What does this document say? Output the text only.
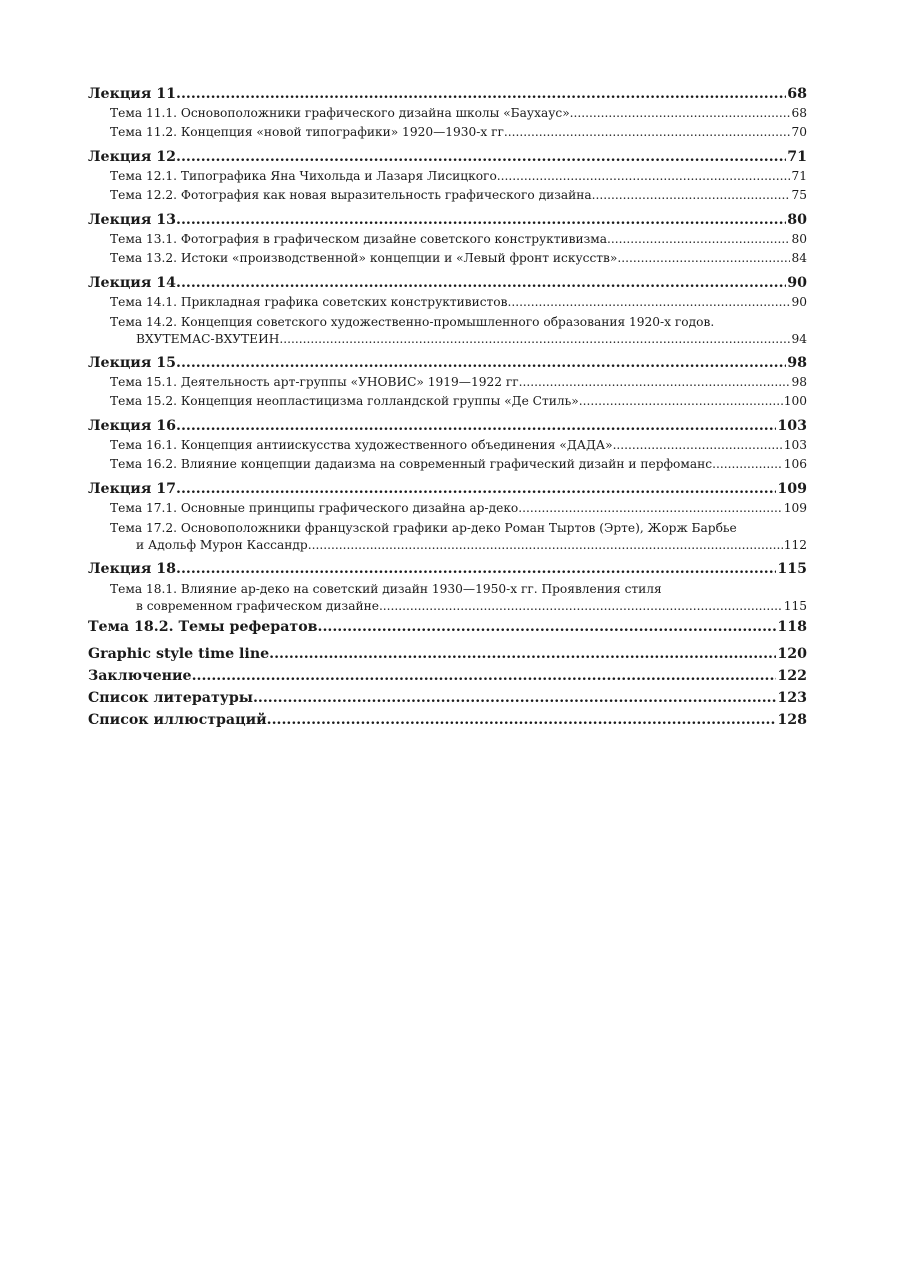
Лекция 11 .....	68
Тема 11.1. Основоположники графического дизайна школы «Баухаус» .....	68
Тема 11.2. Концепция «новой типографики» 1920—1930-х гг. .....	70
Лекция 12 .....	71
Тема 12.1. Типографика Яна Чихольда и Лазаря Лисицкого .....	71
Тема 12.2. Фотография как новая выразительность графического дизайна .....	75
Лекция 13 .....	80
Тема 13.1. Фотография в графическом дизайне советского конструктивизма .....	80
Тема 13.2. Истоки «производственной» концепции и «Левый фронт искусств» .....	84
Лекция 14 .....	90
Тема 14.1. Прикладная графика советских конструктивистов .....	90
Тема 14.2. Концепция советского художественно-промышленного образования 1920-х годов.
ВХУТЕМАС-ВХУТЕИН .....	94
Лекция 15 .....	98
Тема 15.1. Деятельность арт-группы «УНОВИС» 1919—1922 гг. .....	98
Тема 15.2. Концепция неопластицизма голландской группы «Де Стиль» .....	100
Лекция 16 .....	103
Тема 16.1. Концепция антиискусства художественного объединения «ДАДА» .....	103
Тема 16.2. Влияние концепции дадаизма на современный графический дизайн и перфоманс .....	106
Лекция 17 .....	109
Тема 17.1. Основные принципы графического дизайна ар-деко .....	109
Тема 17.2. Основоположники французской графики ар-деко Роман Тыртов (Эрте), Жорж Барбье
и Адольф Мурон Кассандр .....	112
Лекция 18 .....	115
Тема 18.1. Влияние ар-деко на советский дизайн 1930—1950-х гг. Проявления стиля
в современном графическом дизайне .....	115
Тема 18.2. Темы рефератов .....	118
Graphic style time line .....	120
Заключение .....	122
Список литературы .....	123
Список иллюстраций .....	128
